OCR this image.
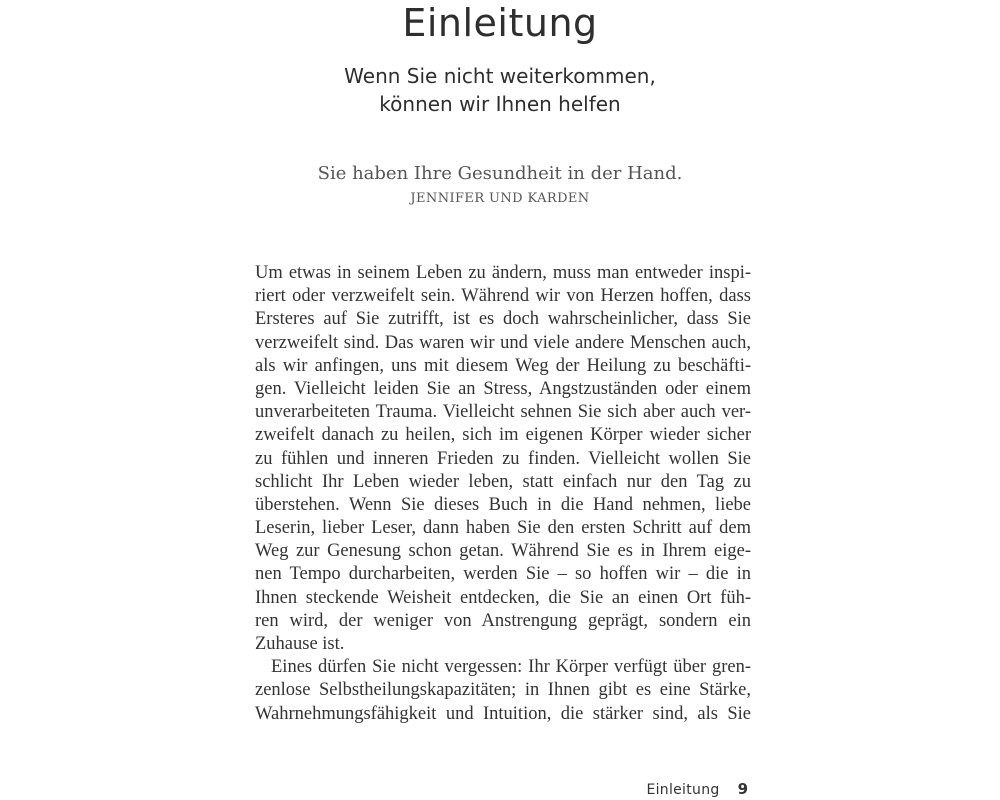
Einleitung
Wenn Sie nicht weiterkommen,
können wir Ihnen helfen
Sie haben Ihre Gesundheit in der Hand.
JENNIFER UND KARDEN
Um etwas in seinem Leben zu ändern, muss man entweder inspi-
riert oder verzweifelt sein. Während wir von Herzen hoffen, dass
Ersteres auf Sie zutrifft, ist es doch wahrscheinlicher, dass Sie
verzweifelt sind. Das waren wir und viele andere Menschen auch,
als wir anfingen, uns mit diesem Weg der Heilung zu beschäfti-
gen. Vielleicht leiden Sie an Stress, Angstzuständen oder einem
unverarbeiteten Trauma. Vielleicht sehnen Sie sich aber auch ver-
zweifelt danach zu heilen, sich im eigenen Körper wieder sicher
zu fühlen und inneren Frieden zu finden. Vielleicht wollen Sie
schlicht Ihr Leben wieder leben, statt einfach nur den Tag zu
überstehen. Wenn Sie dieses Buch in die Hand nehmen, liebe
Leserin, lieber Leser, dann haben Sie den ersten Schritt auf dem
Weg zur Genesung schon getan. Während Sie es in Ihrem eige-
nen Tempo durcharbeiten, werden Sie – so hoffen wir – die in
Ihnen steckende Weisheit entdecken, die Sie an einen Ort füh-
ren wird, der weniger von Anstrengung geprägt, sondern ein
Zuhause ist.
Eines dürfen Sie nicht vergessen: Ihr Körper verfügt über gren-
zenlose Selbstheilungskapazitäten; in Ihnen gibt es eine Stärke,
Wahrnehmungsfähigkeit und Intuition, die stärker sind, als Sie
Einleitung 9
